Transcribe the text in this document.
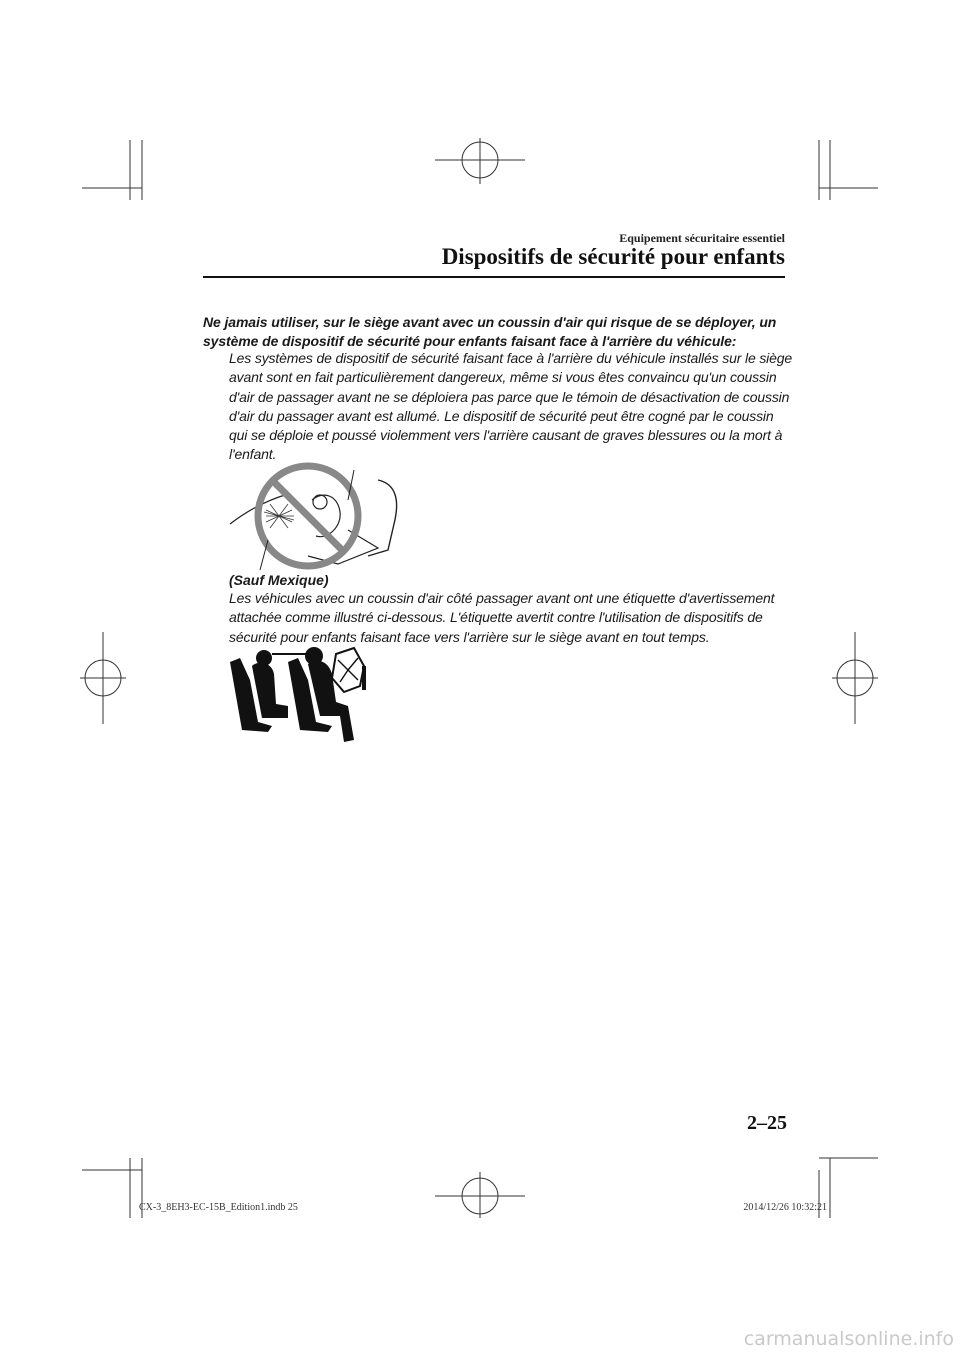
Equipement sécuritaire essentiel
Dispositifs de sécurité pour enfants

Ne jamais utiliser, sur le siège avant avec un coussin d'air qui risque de se déployer, un système de dispositif de sécurité pour enfants faisant face à l'arrière du véhicule:

Les systèmes de dispositif de sécurité faisant face à l'arrière du véhicule installés sur le siège avant sont en fait particulièrement dangereux, même si vous êtes convaincu qu'un coussin d'air de passager avant ne se déploiera pas parce que le témoin de désactivation de coussin d'air du passager avant est allumé. Le dispositif de sécurité peut être cogné par le coussin qui se déploie et poussé violemment vers l'arrière causant de graves blessures ou la mort à l'enfant.

(Sauf Mexique)

Les véhicules avec un coussin d'air côté passager avant ont une étiquette d'avertissement attachée comme illustré ci-dessous. L'étiquette avertit contre l'utilisation de dispositifs de sécurité pour enfants faisant face vers l'arrière sur le siège avant en tout temps.

2–25
CX-3_8EH3-EC-15B_Edition1.indb 25	2014/12/26 10:32:21
carmanualsonline.info
